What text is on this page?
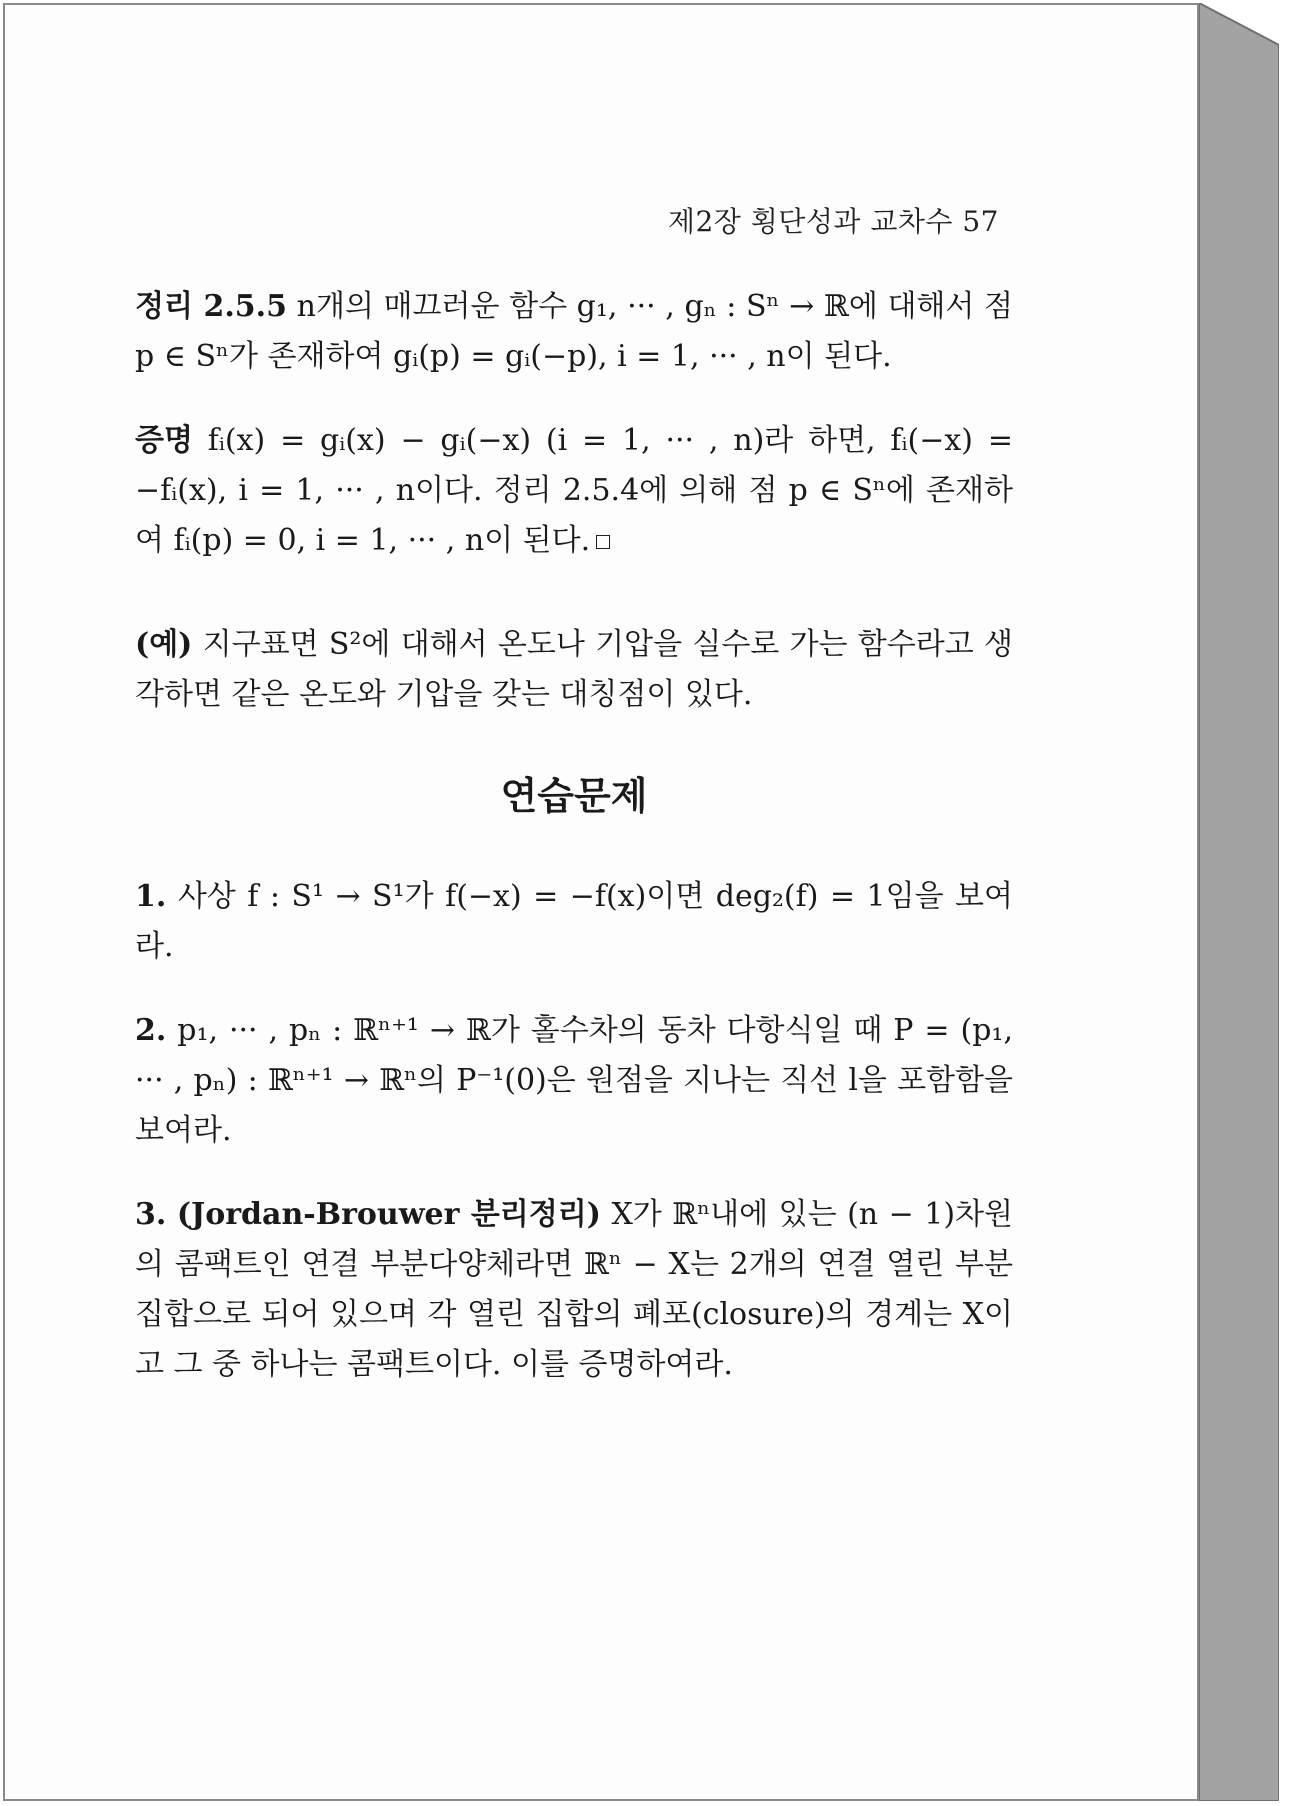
제2장 횡단성과 교차수 57

정리 2.5.5 n개의 매끄러운 함수 g₁, ··· , gₙ : Sⁿ → ℝ에 대해서 점 p ∈ Sⁿ가 존재하여 gᵢ(p) = gᵢ(−p), i = 1, ··· , n이 된다.

증명 fᵢ(x) = gᵢ(x) − gᵢ(−x) (i = 1, ··· , n)라 하면, fᵢ(−x) = −fᵢ(x), i = 1, ··· , n이다. 정리 2.5.4에 의해 점 p ∈ Sⁿ에 존재하여 fᵢ(p) = 0, i = 1, ··· , n이 된다.

(예) 지구표면 S²에 대해서 온도나 기압을 실수로 가는 함수라고 생각하면 같은 온도와 기압을 갖는 대칭점이 있다.

연습문제

1. 사상 f : S¹ → S¹가 f(−x) = −f(x)이면 deg₂(f) = 1임을 보여라.

2. p₁, ··· , pₙ : ℝⁿ⁺¹ → ℝ가 홀수차의 동차 다항식일 때 P = (p₁, ··· , pₙ) : ℝⁿ⁺¹ → ℝⁿ의 P⁻¹(0)은 원점을 지나는 직선 l을 포함함을 보여라.

3. (Jordan-Brouwer 분리정리) X가 ℝⁿ내에 있는 (n − 1)차원의 콤팩트인 연결 부분다양체라면 ℝⁿ − X는 2개의 연결 열린 부분집합으로 되어 있으며 각 열린 집합의 폐포(closure)의 경계는 X이고 그 중 하나는 콤팩트이다. 이를 증명하여라.
